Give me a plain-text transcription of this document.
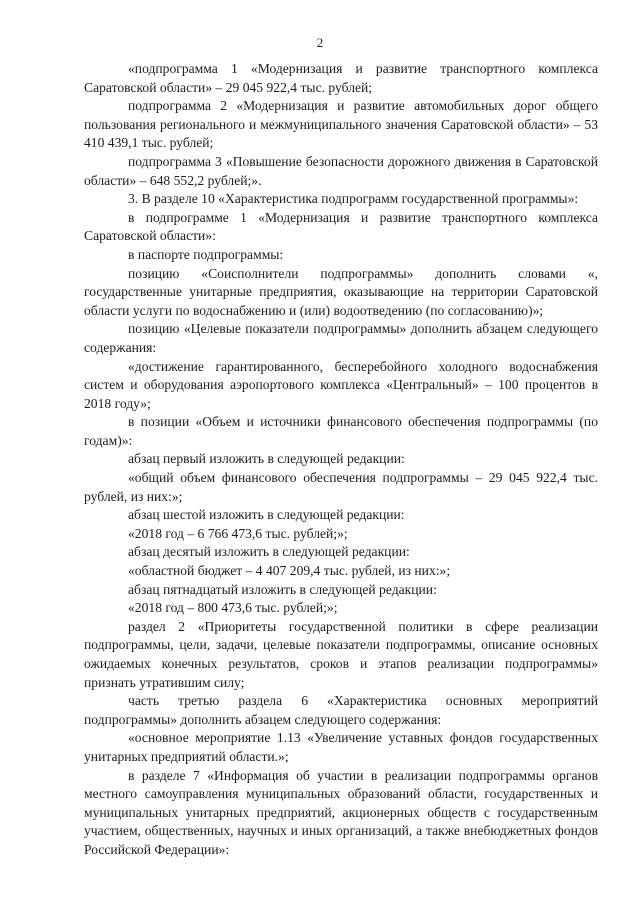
2

«подпрограмма 1 «Модернизация и развитие транспортного комплекса Саратовской области» – 29 045 922,4 тыс. рублей;

подпрограмма 2 «Модернизация и развитие автомобильных дорог общего пользования регионального и межмуниципального значения Саратовской области» – 53 410 439,1 тыс. рублей;

подпрограмма 3 «Повышение безопасности дорожного движения в Саратовской области» – 648 552,2 рублей;».

3. В разделе 10 «Характеристика подпрограмм государственной программы»:

в подпрограмме 1 «Модернизация и развитие транспортного комплекса Саратовской области»:

в паспорте подпрограммы:

позицию «Соисполнители подпрограммы» дополнить словами «, государственные унитарные предприятия, оказывающие на территории Саратовской области услуги по водоснабжению и (или) водоотведению (по согласованию)»;

позицию «Целевые показатели подпрограммы» дополнить абзацем следующего содержания:

«достижение гарантированного, бесперебойного холодного водоснабжения систем и оборудования аэропортового комплекса «Центральный» – 100 процентов в 2018 году»;

в позиции «Объем и источники финансового обеспечения подпрограммы (по годам)»:

абзац первый изложить в следующей редакции:

«общий объем финансового обеспечения подпрограммы – 29 045 922,4 тыс. рублей, из них:»;

абзац шестой изложить в следующей редакции:

«2018 год – 6 766 473,6 тыс. рублей;»;

абзац десятый изложить в следующей редакции:

«областной бюджет – 4 407 209,4 тыс. рублей, из них:»;

абзац пятнадцатый изложить в следующей редакции:

«2018 год – 800 473,6 тыс. рублей;»;

раздел 2 «Приоритеты государственной политики в сфере реализации подпрограммы, цели, задачи, целевые показатели подпрограммы, описание основных ожидаемых конечных результатов, сроков и этапов реализации подпрограммы» признать утратившим силу;

часть третью раздела 6 «Характеристика основных мероприятий подпрограммы» дополнить абзацем следующего содержания:

«основное мероприятие 1.13 «Увеличение уставных фондов государственных унитарных предприятий области.»;

в разделе 7 «Информация об участии в реализации подпрограммы органов местного самоуправления муниципальных образований области, государственных и муниципальных унитарных предприятий, акционерных обществ с государственным участием, общественных, научных и иных организаций, а также внебюджетных фондов Российской Федерации»:
